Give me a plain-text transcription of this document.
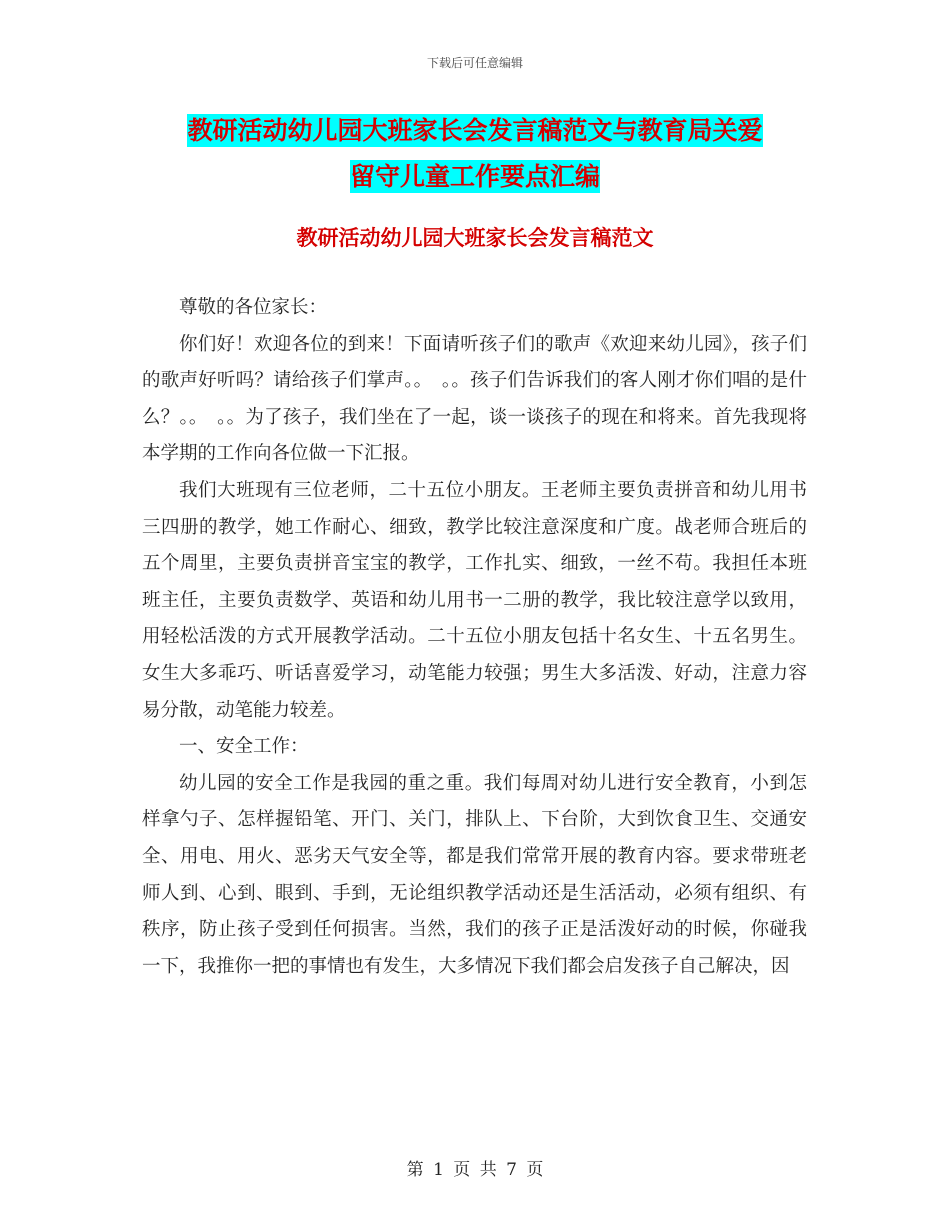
下载后可任意编辑
教研活动幼儿园大班家长会发言稿范文与教育局关爱
留守儿童工作要点汇编
教研活动幼儿园大班家长会发言稿范文

尊敬的各位家长：

你们好！欢迎各位的到来！下面请听孩子们的歌声《欢迎来幼儿园》，孩子们的歌声好听吗？请给孩子们掌声。。　。。孩子们告诉我们的客人刚才你们唱的是什么？。。　。。为了孩子，我们坐在了一起，谈一谈孩子的现在和将来。首先我现将本学期的工作向各位做一下汇报。

我们大班现有三位老师，二十五位小朋友。王老师主要负责拼音和幼儿用书三四册的教学，她工作耐心、细致，教学比较注意深度和广度。战老师合班后的五个周里，主要负责拼音宝宝的教学，工作扎实、细致，一丝不苟。我担任本班班主任，主要负责数学、英语和幼儿用书一二册的教学，我比较注意学以致用，用轻松活泼的方式开展教学活动。二十五位小朋友包括十名女生、十五名男生。女生大多乖巧、听话喜爱学习，动笔能力较强；男生大多活泼、好动，注意力容易分散，动笔能力较差。

一、安全工作：

幼儿园的安全工作是我园的重之重。我们每周对幼儿进行安全教育，小到怎样拿勺子、怎样握铅笔、开门、关门，排队上、下台阶，大到饮食卫生、交通安全、用电、用火、恶劣天气安全等，都是我们常常开展的教育内容。要求带班老师人到、心到、眼到、手到，无论组织教学活动还是生活活动，必须有组织、有秩序，防止孩子受到任何损害。当然，我们的孩子正是活泼好动的时候，你碰我一下，我推你一把的事情也有发生，大多情况下我们都会启发孩子自己解决，因

第 1 页 共 7 页
